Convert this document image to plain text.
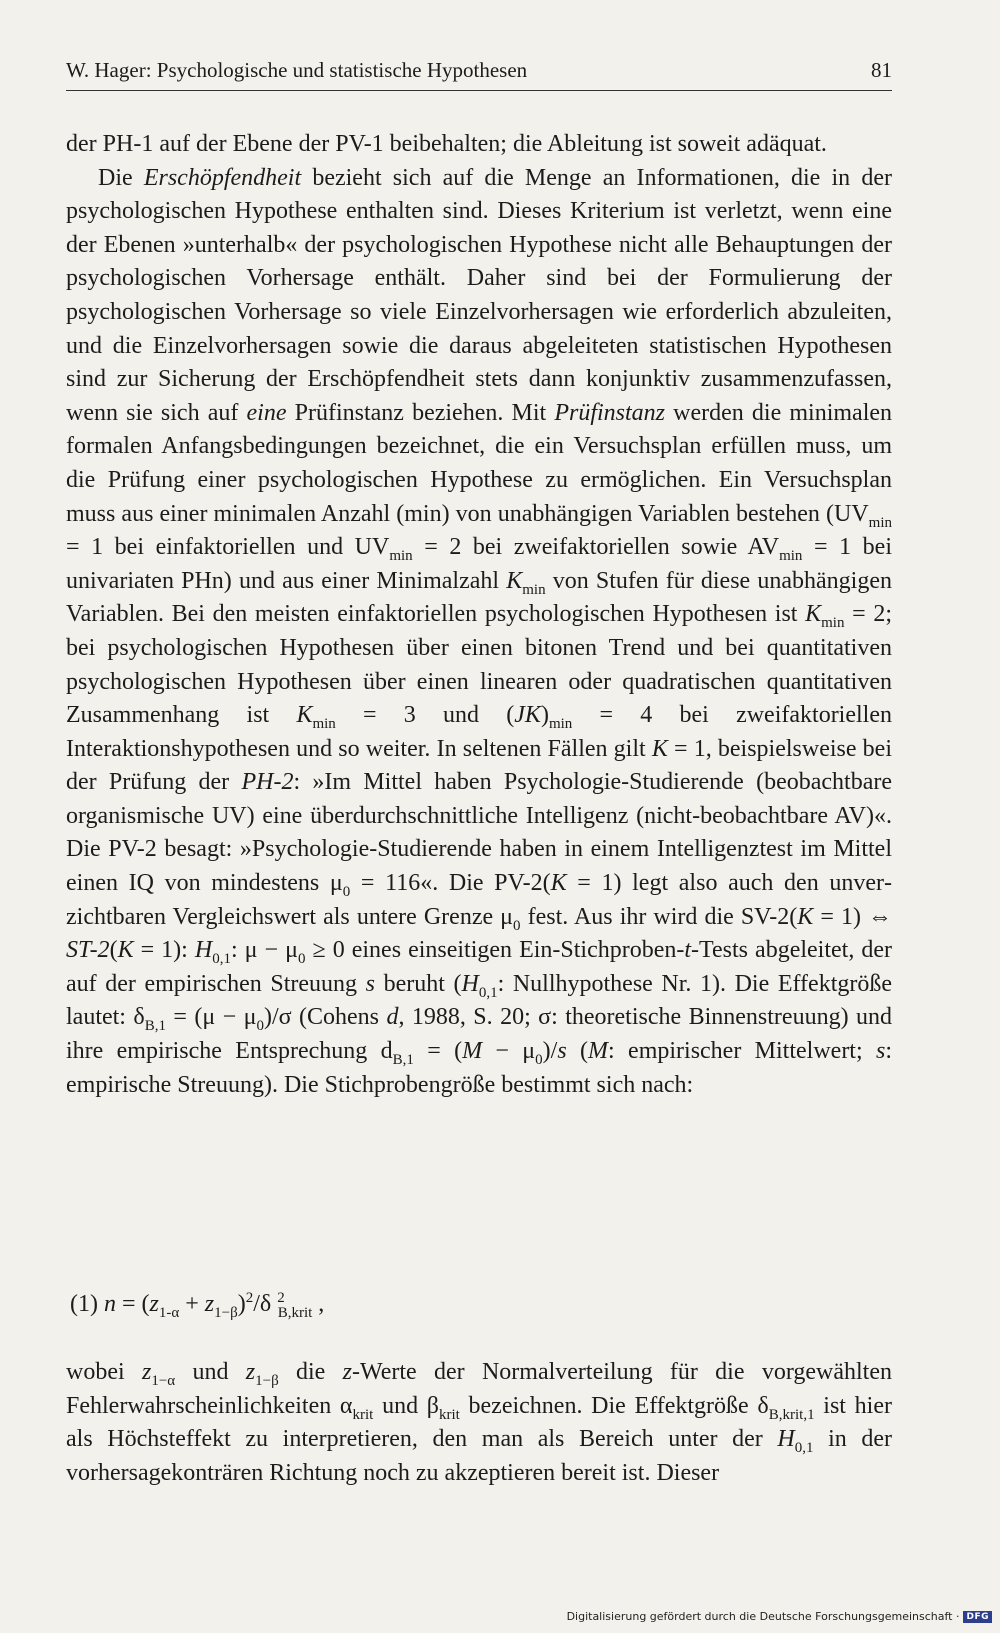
W. Hager: Psychologische und statistische Hypothesen	81

der PH-1 auf der Ebene der PV-1 beibehalten; die Ableitung ist soweit adäquat.

Die Erschöpfendheit bezieht sich auf die Menge an Informationen, die in der psychologischen Hypothese enthalten sind. Dieses Kriterium ist verletzt, wenn eine der Ebenen »unterhalb« der psychologischen Hypothese nicht alle Behauptungen der psychologischen Vorhersage enthält. Daher sind bei der Formulierung der psychologischen Vorhersage so viele Einzelvorhersagen wie erforderlich abzuleiten, und die Einzelvorhersagen sowie die daraus abgeleiteten statistischen Hypothesen sind zur Sicherung der Erschöpfendheit stets dann konjunktiv zusammenzufassen, wenn sie sich auf eine Prüfinstanz beziehen. Mit Prüfinstanz werden die minimalen formalen Anfangsbedingungen bezeichnet, die ein Versuchsplan erfüllen muss, um die Prüfung einer psychologischen Hypothese zu ermöglichen. Ein Versuchsplan muss aus einer minimalen Anzahl (min) von unabhängigen Variablen bestehen ($UV_{min} = 1$ bei einfaktoriellen und $UV_{min} = 2$ bei zweifaktoriellen sowie $AV_{min} = 1$ bei univariaten PHn) und aus einer Minimalzahl $K_{min}$ von Stufen für diese unabhängigen Variablen. Bei den meisten einfaktoriellen psychologischen Hypothesen ist $K_{min} = 2$; bei psychologischen Hypothesen über einen bitonen Trend und bei quantitativen psychologischen Hypothesen über einen linearen oder quadratischen quantitativen Zusammenhang ist $K_{min} = 3$ und $(JK)_{min} = 4$ bei zweifaktoriellen Interaktionshypothesen und so weiter. In seltenen Fällen gilt K = 1, beispielsweise bei der Prüfung der PH-2: »Im Mittel haben Psychologie-Studierende (beobachtbare organismische UV) eine überdurchschnittliche Intelligenz (nicht-beobachtbare AV)«. Die PV-2 besagt: »Psychologie-Studierende haben in einem Intelligenztest im Mittel einen IQ von mindestens $\mu_0$ = 116«. Die PV-2(K = 1) legt also auch den unverzichtbaren Vergleichswert als untere Grenze $\mu_0$ fest. Aus ihr wird die SV-2(K = 1) ⇔ ST-2(K = 1): $H_{0,1}$: $\mu - \mu_0 \ge 0$ eines einseitigen Ein-Stichproben-t-Tests abgeleitet, der auf der empirischen Streuung s beruht ($H_{0,1}$: Nullhypothese Nr. 1). Die Effektgröße lautet: $\delta_{B,1} = (\mu - \mu_0)/\sigma$ (Cohens d, 1988, S. 20; σ: theoretische Binnenstreuung) und ihre empirische Entsprechung $d_{B,1} = (M - \mu_0)/s$ (M: empirischer Mittelwert; s: empirische Streuung). Die Stichprobengröße bestimmt sich nach:

(1) $n = (z_{1-\alpha} + z_{1-\beta})^2/\delta$ $^2_{B,krit}$ ,

wobei $z_{1-\alpha}$ und $z_{1-\beta}$ die z-Werte der Normalverteilung für die vorgewählten Fehlerwahrscheinlichkeiten $\alpha_{krit}$ und $\beta_{krit}$ bezeichnen. Die Effektgröße $\delta_{B,krit,1}$ ist hier als Höchsteffekt zu interpretieren, den man als Bereich unter der $H_{0,1}$ in der vorhersagekonträren Richtung noch zu akzeptieren bereit ist. Dieser

Digitalisierung gefördert durch die Deutsche Forschungsgemeinschaft · DFG
